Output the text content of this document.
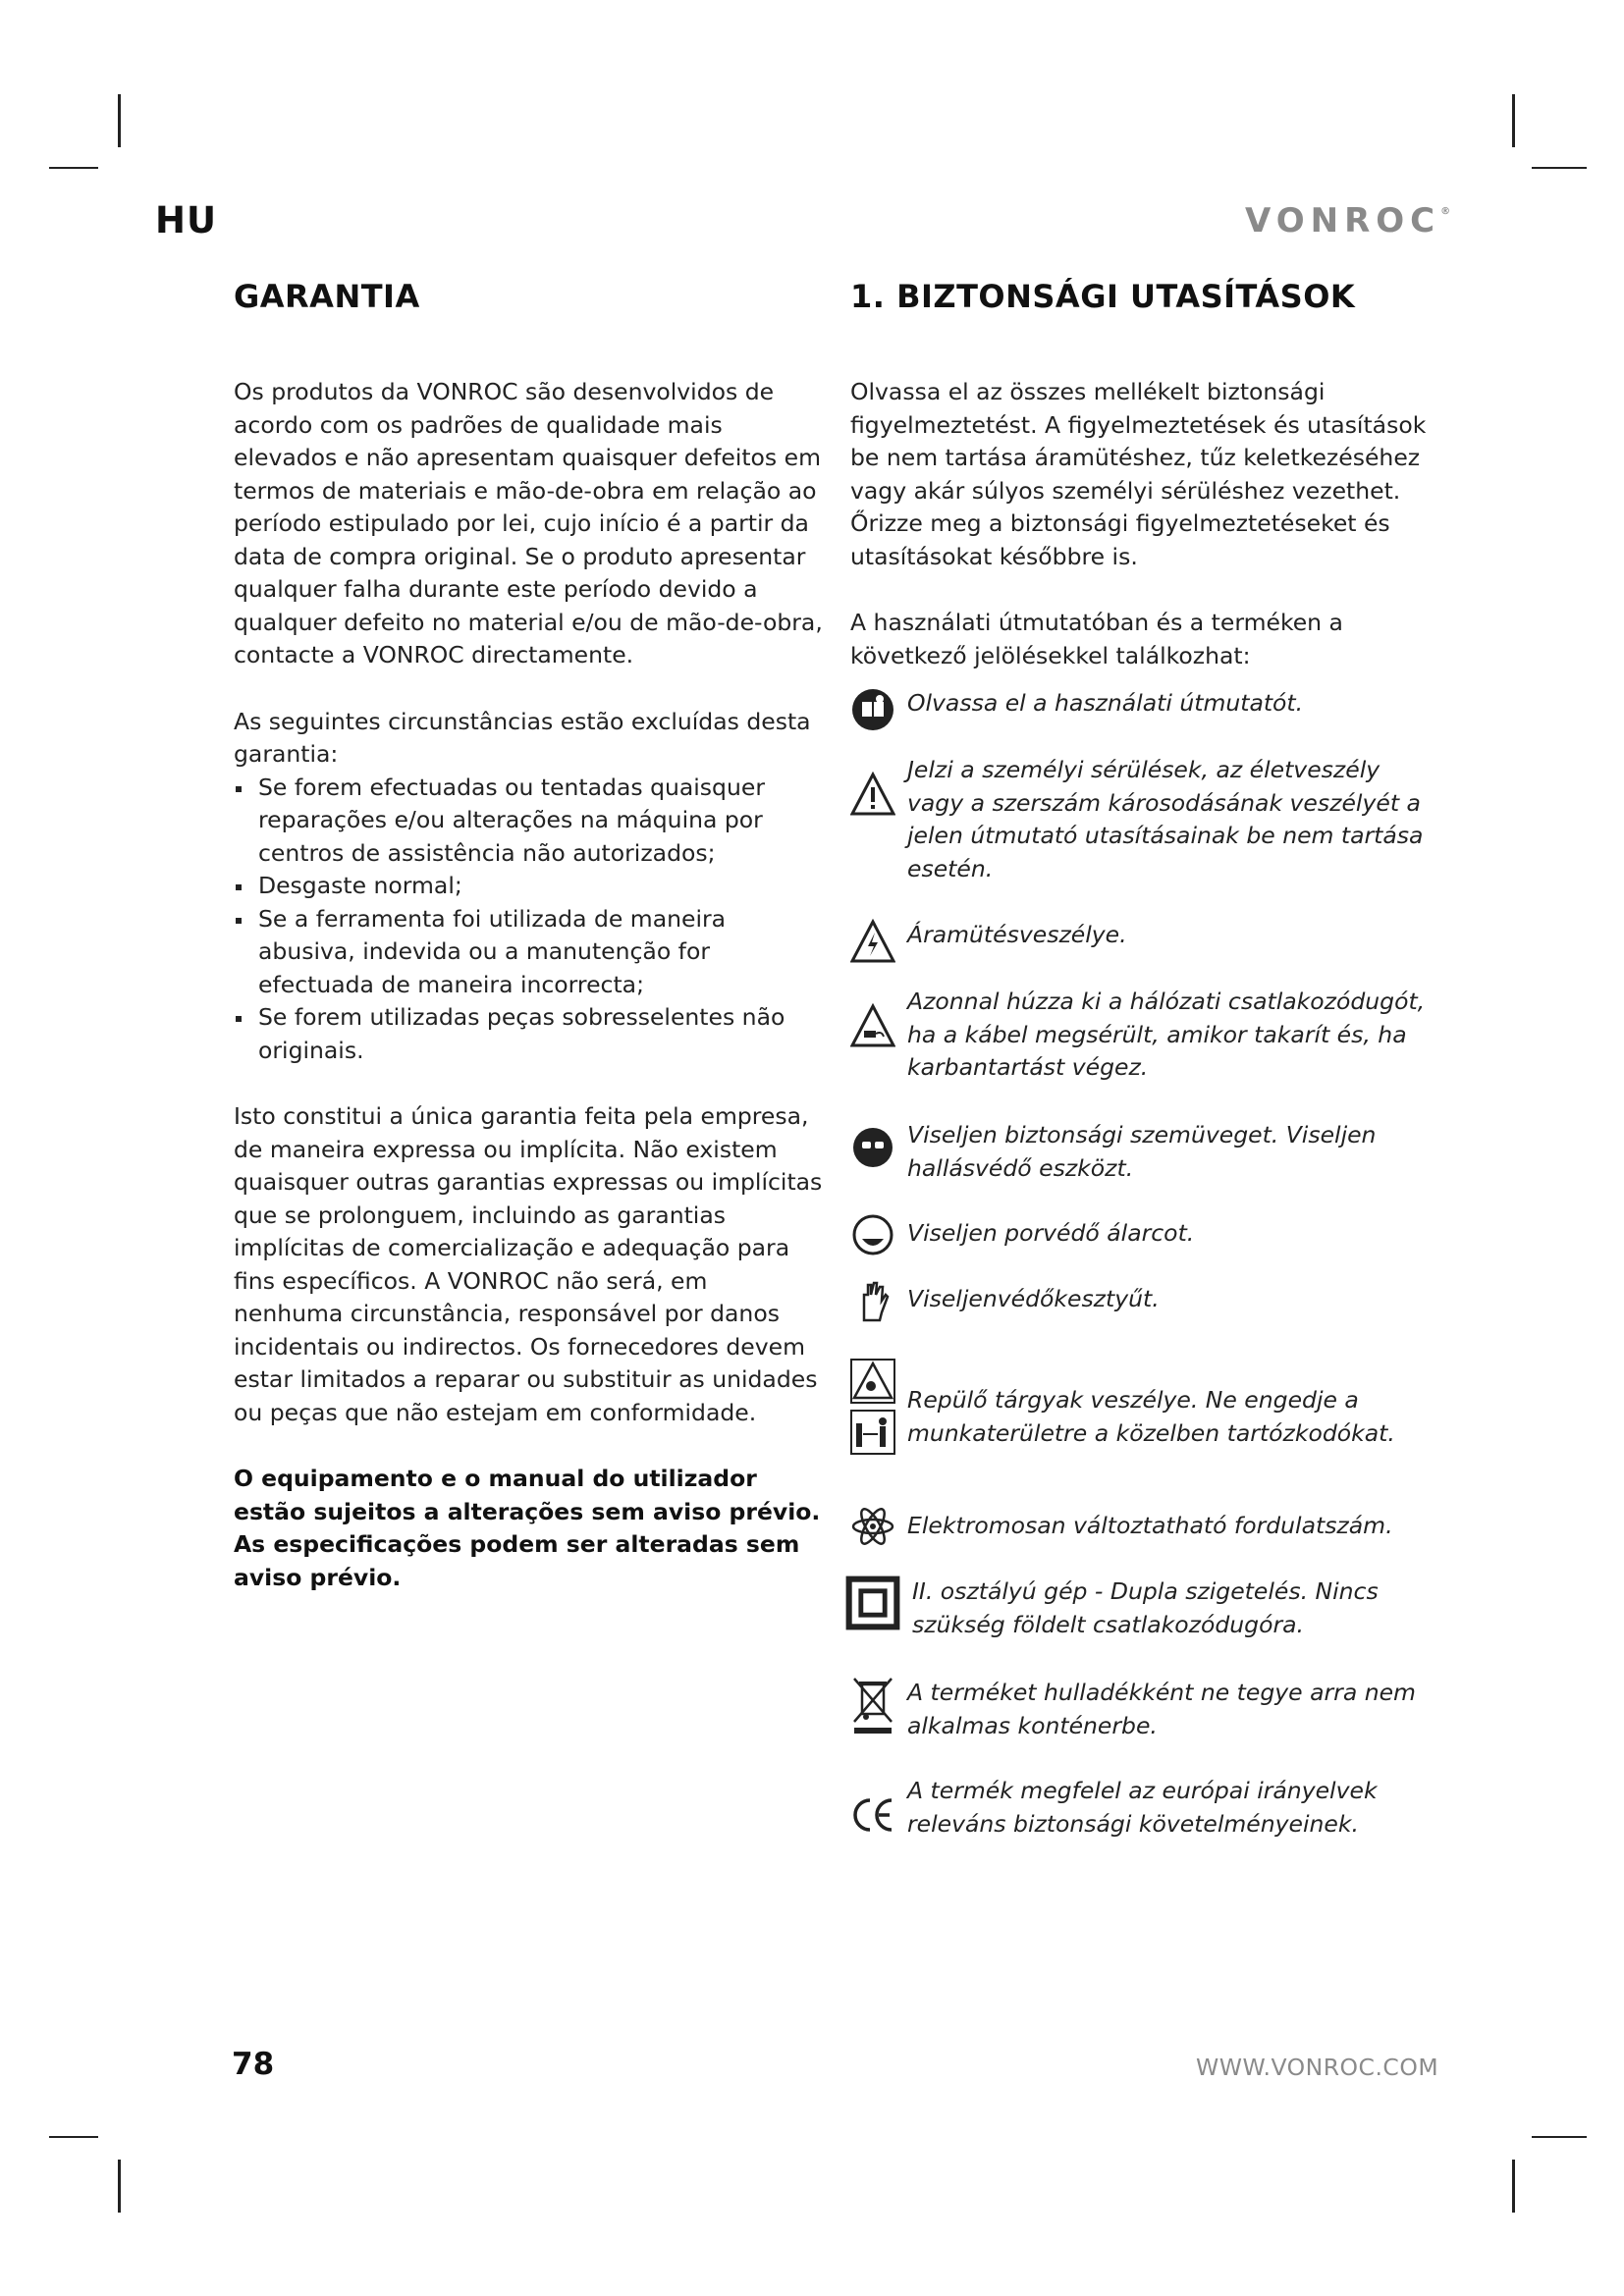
HU	VONROC®
GARANTIA

Os produtos da VONROC são desenvolvidos de acordo com os padrões de qualidade mais elevados e não apresentam quaisquer defeitos em termos de materiais e mão-de-obra em relação ao período estipulado por lei, cujo início é a partir da data de compra original. Se o produto apresentar qualquer falha durante este período devido a qualquer defeito no material e/ou de mão-de-obra, contacte a VONROC directamente.

As seguintes circunstâncias estão excluídas desta garantia:

Se forem efectuadas ou tentadas quaisquer reparações e/ou alterações na máquina por centros de assistência não autorizados;
Desgaste normal;
Se a ferramenta foi utilizada de maneira abusiva, indevida ou a manutenção for efectuada de maneira incorrecta;
Se forem utilizadas peças sobresselentes não originais.

Isto constitui a única garantia feita pela empresa, de maneira expressa ou implícita. Não existem quaisquer outras garantias expressas ou implícitas que se prolonguem, incluindo as garantias implícitas de comercialização e adequação para fins específicos. A VONROC não será, em nenhuma circunstância, responsável por danos incidentais ou indirectos. Os fornecedores devem estar limitados a reparar ou substituir as unidades ou peças que não estejam em conformidade.

O equipamento e o manual do utilizador estão sujeitos a alterações sem aviso prévio. As especificações podem ser alteradas sem aviso prévio.

1. BIZTONSÁGI UTASÍTÁSOK

Olvassa el az összes mellékelt biztonsági figyelmeztetést. A figyelmeztetések és utasítások be nem tartása áramütéshez, tűz keletkezéséhez vagy akár súlyos személyi sérüléshez vezethet. Őrizze meg a biztonsági figyelmeztetéseket és utasításokat későbbre is.

A használati útmutatóban és a terméken a következő jelölésekkel találkozhat:

Olvassa el a használati útmutatót.
Jelzi a személyi sérülések, az életveszély vagy a szerszám károsodásának veszélyét a jelen útmutató utasításainak be nem tartása esetén.
Áramütésveszélye.
Azonnal húzza ki a hálózati csatlakozódugót, ha a kábel megsérült, amikor takarít és, ha karbantartást végez.
Viseljen biztonsági szemüveget. Viseljen hallásvédő eszközt.
Viseljen porvédő álarcot.
Viseljenvédőkesztyűt.

Repülő tárgyak veszélye. Ne engedje a munkaterületre a közelben tartózkodókat.
Elektromosan változtatható fordulatszám.
II. osztályú gép - Dupla szigetelés. Nincs szükség földelt csatlakozódugóra.
A terméket hulladékként ne tegye arra nem alkalmas konténerbe.
A termék megfelel az európai irányelvek releváns biztonsági követelményeinek.
78	WWW.VONROC.COM
